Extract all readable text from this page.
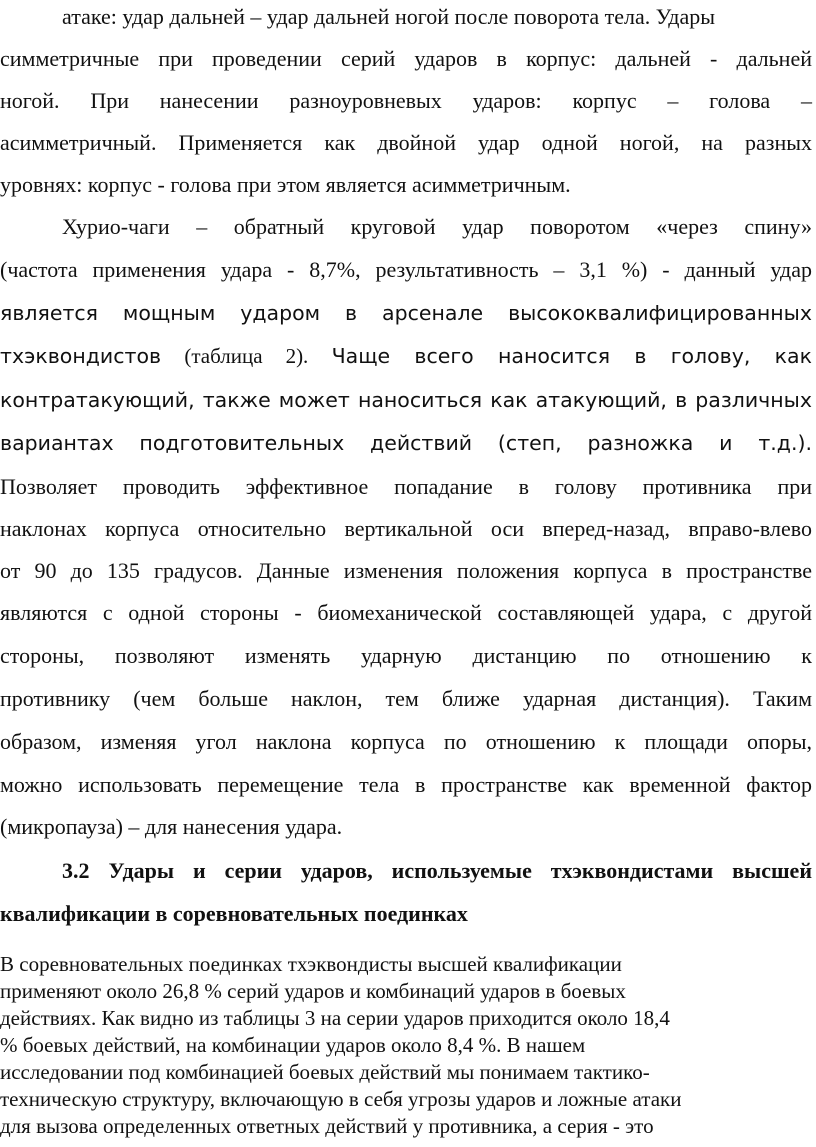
атаке: удар дальней – удар дальней ногой после поворота тела. Удары
симметричные при проведении серий ударов в корпус: дальней - дальней
ногой. При нанесении разноуровневых ударов: корпус – голова –
асимметричный. Применяется как двойной удар одной ногой, на разных
уровнях: корпус - голова при этом является асимметричным.
Хурио-чаги – обратный круговой удар поворотом «через спину»
(частота применения удара - 8,7%, результативность – 3,1 %) - данный удар
является мощным ударом в арсенале высококвалифицированных
тхэквондистов (таблица 2). Чаще всего наносится в голову, как
контратакующий, также может наноситься как атакующий, в различных
вариантах подготовительных действий (степ, разножка и т.д.).
Позволяет проводить эффективное попадание в голову противника при
наклонах корпуса относительно вертикальной оси вперед-назад, вправо-влево
от 90 до 135 градусов. Данные изменения положения корпуса в пространстве
являются с одной стороны - биомеханической составляющей удара, с другой
стороны, позволяют изменять ударную дистанцию по отношению к
противнику (чем больше наклон, тем ближе ударная дистанция). Таким
образом, изменяя угол наклона корпуса по отношению к площади опоры,
можно использовать перемещение тела в пространстве как временной фактор
(микропауза) – для нанесения удара.
3.2 Удары и серии ударов, используемые тхэквондистами высшей
квалификации в соревновательных поединках
В соревновательных поединках тхэквондисты высшей квалификации
применяют около 26,8 % серий ударов и комбинаций ударов в боевых
действиях. Как видно из таблицы 3 на серии ударов приходится около 18,4
% боевых действий, на комбинации ударов около 8,4 %. В нашем
исследовании под комбинацией боевых действий мы понимаем тактико-
техническую структуру, включающую в себя угрозы ударов и ложные атаки
для вызова определенных ответных действий у противника, а серия - это
